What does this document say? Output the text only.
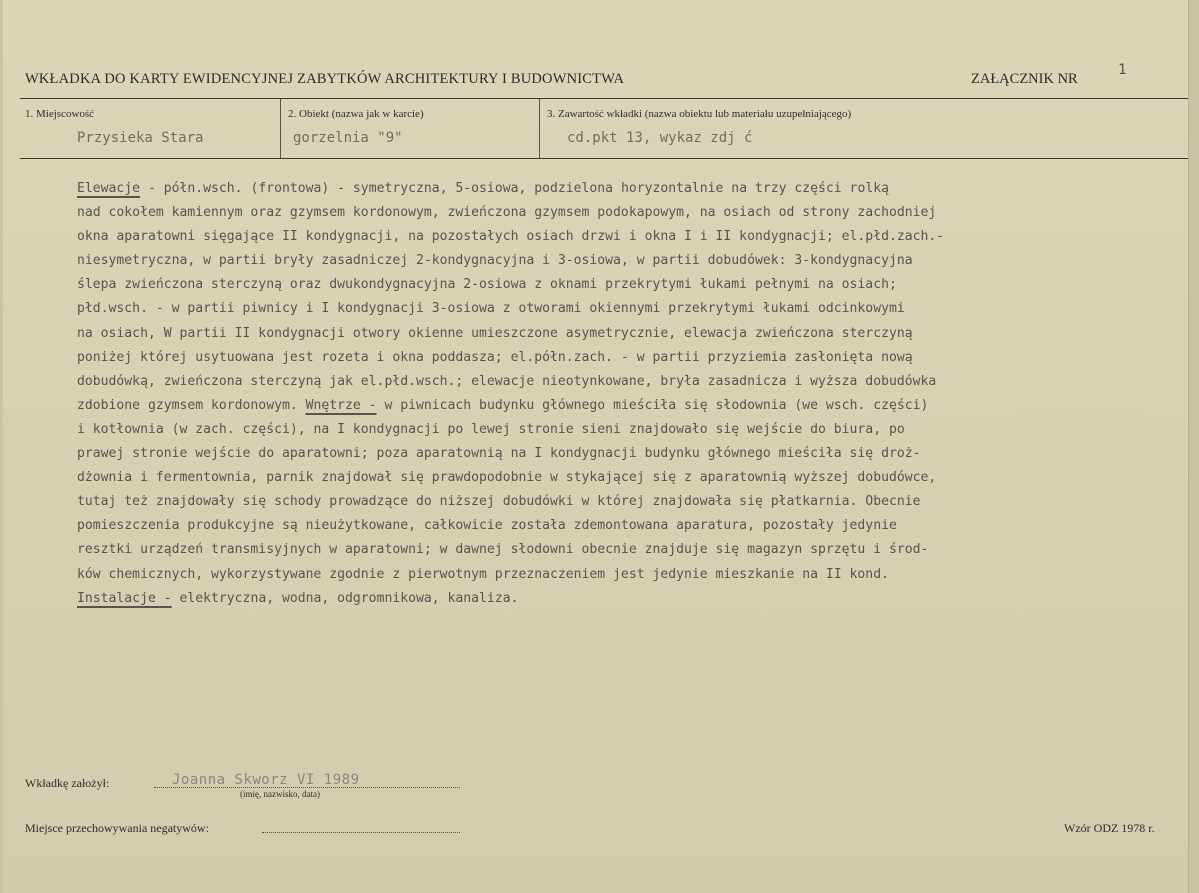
WKŁADKA DO KARTY EWIDENCYJNEJ ZABYTKÓW ARCHITEKTURY I BUDOWNICTWA	ZAŁĄCZNIK NR
1
1. Miejscowość
Przysieka Stara
2. Obiekt (nazwa jak w karcie)
gorzelnia "9"
3. Zawartość wkładki (nazwa obiektu lub materiału uzupełniającego)
cd.pkt 13, wykaz zdj ć
Elewacje - półn.wsch. (frontowa) - symetryczna, 5-osiowa, podzielona horyzontalnie na trzy części rolką
nad cokołem kamiennym oraz gzymsem kordonowym, zwieńczona gzymsem podokapowym, na osiach od strony zachodniej
okna aparatowni sięgające II kondygnacji, na pozostałych osiach drzwi i okna I i II kondygnacji; el.płd.zach.-
niesymetryczna, w partii bryły zasadniczej 2-kondygnacyjna i 3-osiowa, w partii dobudówek: 3-kondygnacyjna
ślepa zwieńczona sterczyną oraz dwukondygnacyjna 2-osiowa z oknami przekrytymi łukami pełnymi na osiach;
płd.wsch. - w partii piwnicy i I kondygnacji 3-osiowa z otworami okiennymi przekrytymi łukami odcinkowymi
na osiach, W partii II kondygnacji otwory okienne umieszczone asymetrycznie, elewacja zwieńczona sterczyną
poniżej której usytuowana jest rozeta i okna poddasza; el.półn.zach. - w partii przyziemia zasłonięta nową
dobudówką, zwieńczona sterczyną jak el.płd.wsch.; elewacje nieotynkowane, bryła zasadnicza i wyższa dobudówka
zdobione gzymsem kordonowym. Wnętrze - w piwnicach budynku głównego mieściła się słodownia (we wsch. części)
i kotłownia (w zach. części), na I kondygnacji po lewej stronie sieni znajdowało się wejście do biura, po
prawej stronie wejście do aparatowni; poza aparatownią na I kondygnacji budynku głównego mieściła się droż-
dżownia i fermentownia, parnik znajdował się prawdopodobnie w stykającej się z aparatownią wyższej dobudówce,
tutaj też znajdowały się schody prowadzące do niższej dobudówki w której znajdowała się płatkarnia. Obecnie
pomieszczenia produkcyjne są nieużytkowane, całkowicie została zdemontowana aparatura, pozostały jedynie
resztki urządzeń transmisyjnych w aparatowni; w dawnej słodowni obecnie znajduje się magazyn sprzętu i środ-
ków chemicznych, wykorzystywane zgodnie z pierwotnym przeznaczeniem jest jedynie mieszkanie na II kond.
Instalacje - elektryczna, wodna, odgromnikowa, kanaliza.
Wkładkę założył:	Joanna Skworz VI 1989
(imię, nazwisko, data)
Miejsce przechowywania negatywów:	Wzór ODZ 1978 r.
